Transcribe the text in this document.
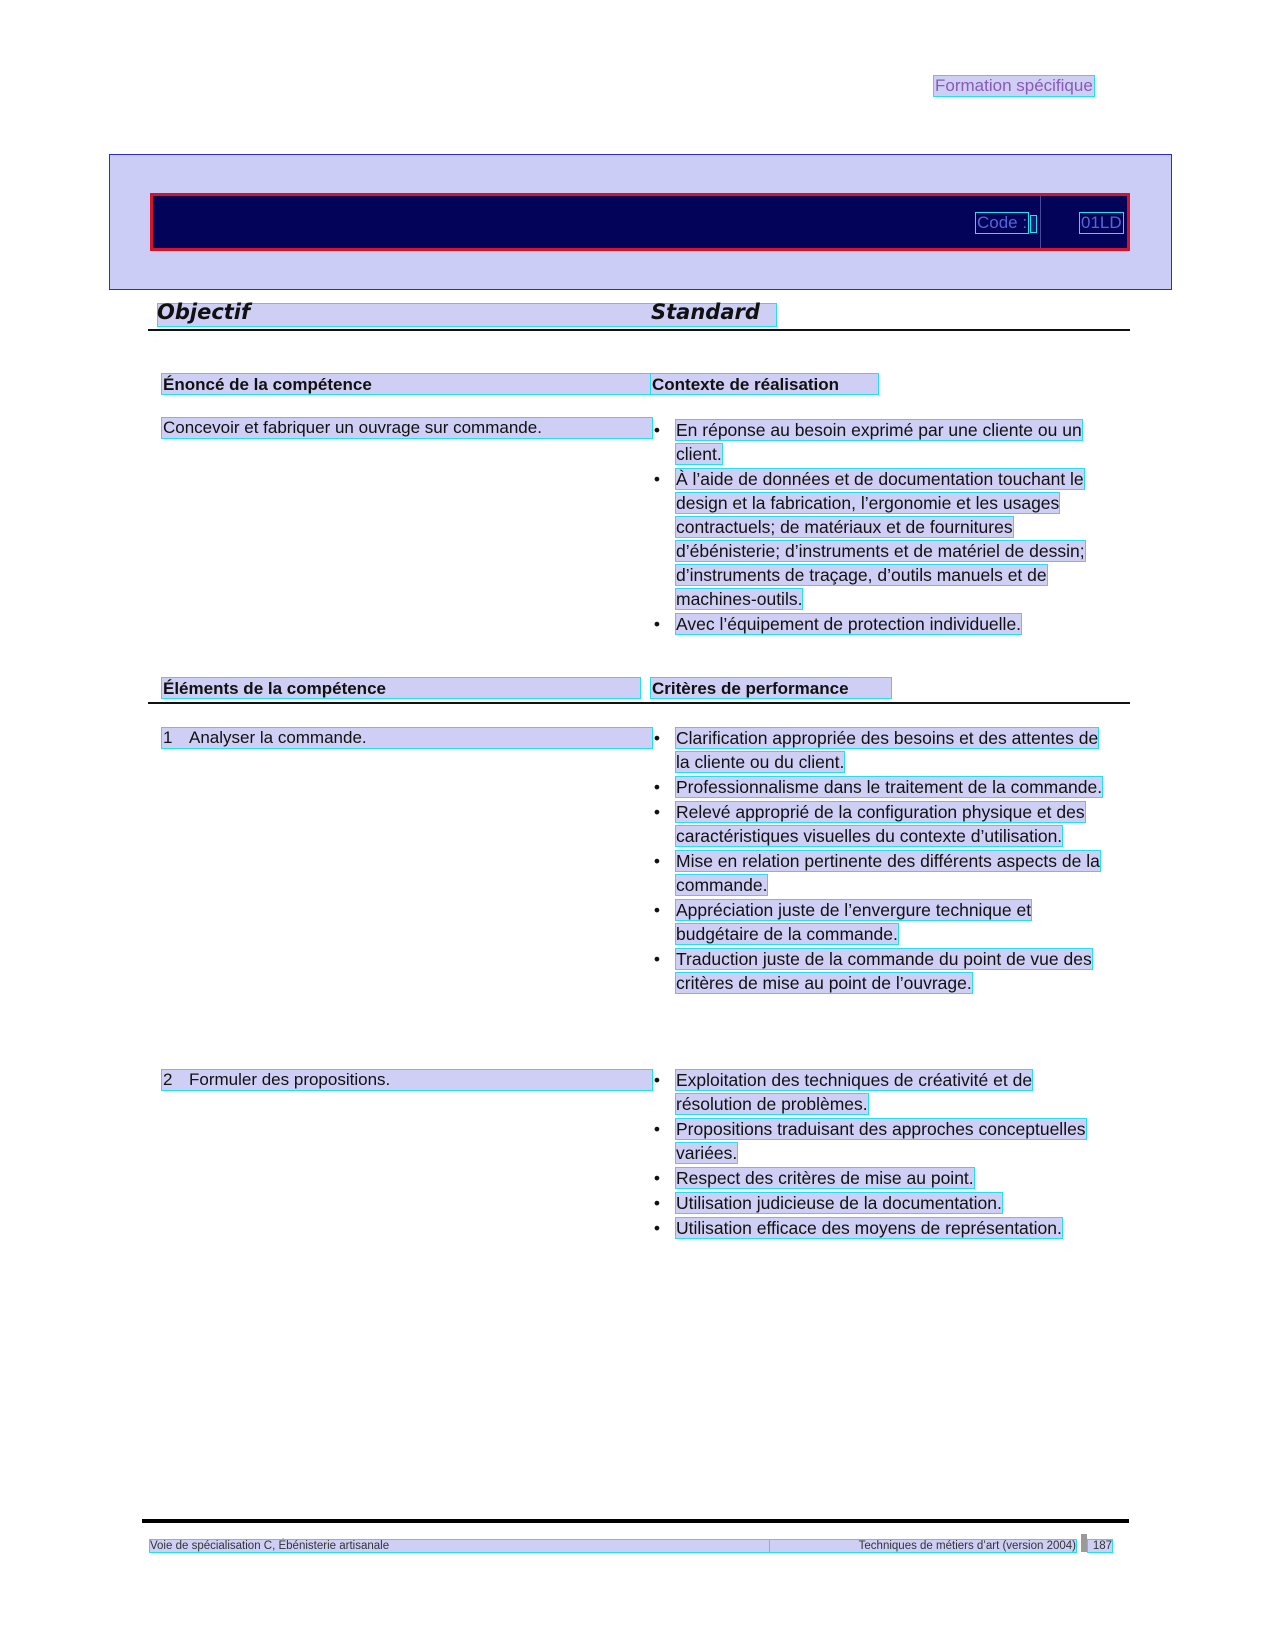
Formation spécifique
Code :	01LD
Objectif	Standard
Énoncé de la compétence	Contexte de réalisation
Concevoir et fabriquer un ouvrage sur commande.	• En réponse au besoin exprimé par une cliente ou un client.
• À l’aide de données et de documentation touchant le design et la fabrication, l’ergonomie et les usages contractuels; de matériaux et de fournitures d’ébénisterie; d’instruments et de matériel de dessin; d’instruments de traçage, d’outils manuels et de machines-outils.
• Avec l’équipement de protection individuelle.
Éléments de la compétence	Critères de performance
1 Analyser la commande.	• Clarification appropriée des besoins et des attentes de la cliente ou du client.
• Professionnalisme dans le traitement de la commande.
• Relevé approprié de la configuration physique et des caractéristiques visuelles du contexte d’utilisation.
• Mise en relation pertinente des différents aspects de la commande.
• Appréciation juste de l’envergure technique et budgétaire de la commande.
• Traduction juste de la commande du point de vue des critères de mise au point de l’ouvrage.
2 Formuler des propositions.	• Exploitation des techniques de créativité et de résolution de problèmes.
• Propositions traduisant des approches conceptuelles variées.
• Respect des critères de mise au point.
• Utilisation judicieuse de la documentation.
• Utilisation efficace des moyens de représentation.
Voie de spécialisation C, Ébénisterie artisanale	Techniques de métiers d’art (version 2004)	187
